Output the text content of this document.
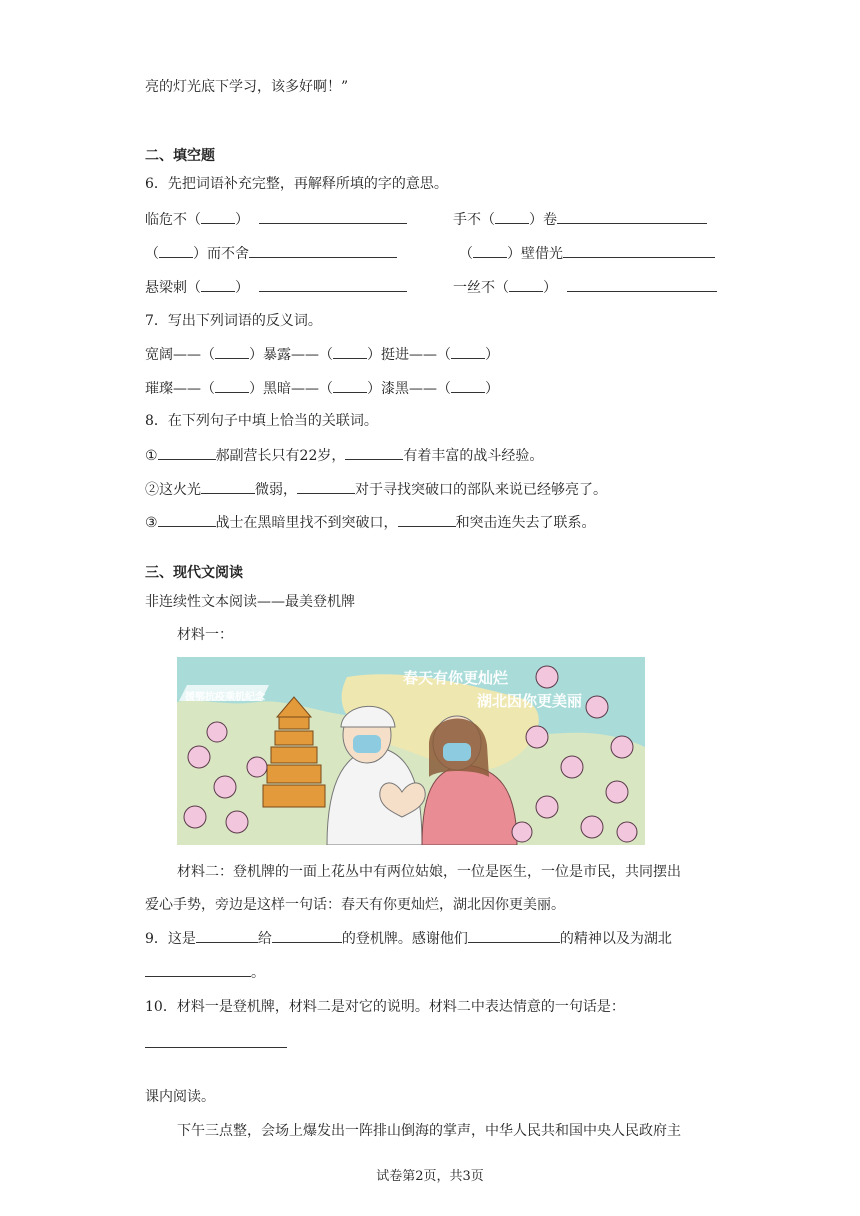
亮的灯光底下学习，该多好啊！”
二、填空题
6．先把词语补充完整，再解释所填的字的意思。
临危不（ ）	手不（ ）卷
（ ）而不舍	（ ）壁借光
悬梁刺（ ）	一丝不（ ）
7．写出下列词语的反义词。
宽阔——（ ）暴露——（ ）挺进——（ ）
璀璨——（ ）黑暗——（ ）漆黑——（ ）
8．在下列句子中填上恰当的关联词。
①	郝副营长只有22岁，	有着丰富的战斗经验。
②这火光	微弱，	对于寻找突破口的部队来说已经够亮了。
③	战士在黑暗里找不到突破口，	和突击连失去了联系。
三、现代文阅读
非连续性文本阅读——最美登机牌
材料一：
援鄂抗疫乘机纪念
春天有你更灿烂
湖北因你更美丽
材料二：登机牌的一面上花丛中有两位姑娘，一位是医生，一位是市民，共同摆出
爱心手势，旁边是这样一句话：春天有你更灿烂，湖北因你更美丽。
9．这是	给	的登机牌。感谢他们	的精神以及为湖北
。
10．材料一是登机牌，材料二是对它的说明。材料二中表达情意的一句话是：
课内阅读。
下午三点整，会场上爆发出一阵排山倒海的掌声，中华人民共和国中央人民政府主
试卷第2页，共3页
